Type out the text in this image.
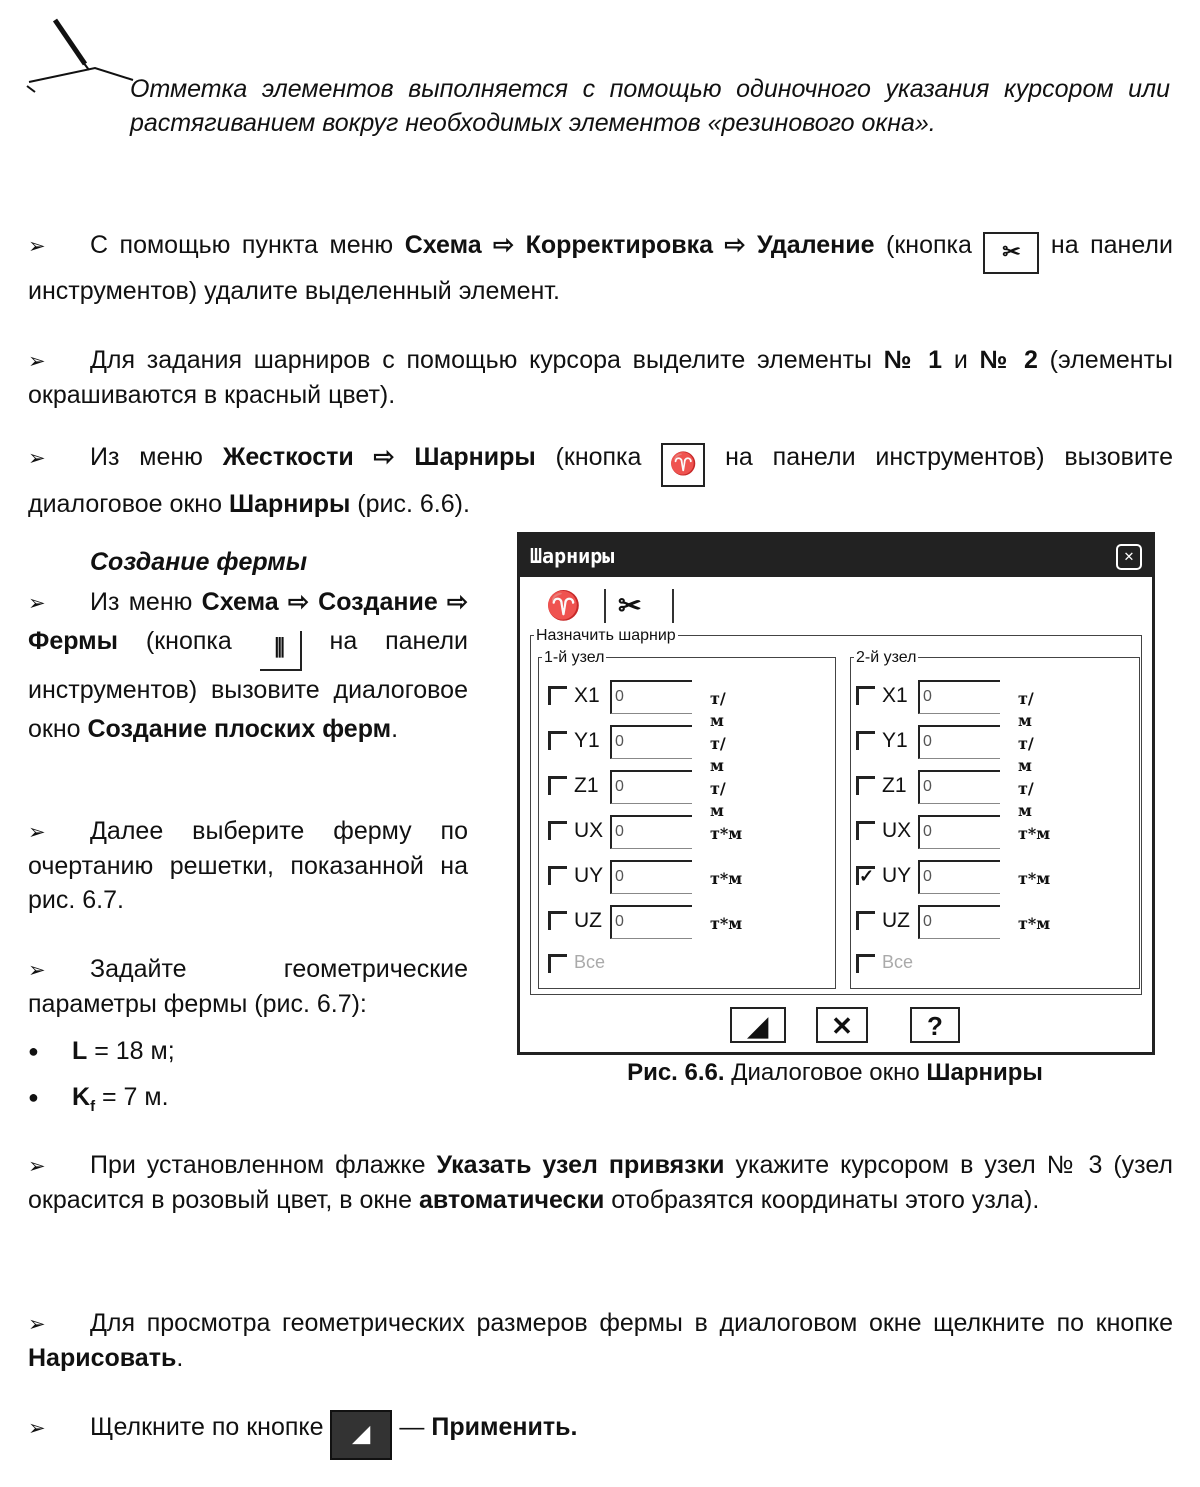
Отметка элементов выполняется с помощью одиночного указания курсором или растягиванием вокруг необходимых элементов «резинового окна».
➢ С помощью пункта меню Схема ⇨ Корректировка ⇨ Удаление (кнопка ✂ на панели инструментов) удалите выделенный элемент.
➢ Для задания шарниров с помощью курсора выделите элементы № 1 и № 2 (элементы окрашиваются в красный цвет).
➢ Из меню Жесткости ⇨ Шарниры (кнопка ♈ на панели инструментов) вызовите диалоговое окно Шарниры (рис. 6.6).
Создание фермы
➢ Из меню Схема ⇨ Создание ⇨ Фермы (кнопка ⫼ на панели инструментов) вызовите диалоговое окно Создание плоских ферм.
➢ Далее выберите ферму по очертанию решетки, показанной на рис. 6.7.
➢ Задайте геометрические параметры фермы (рис. 6.7):
● L = 18 м;
● $K_f = 7$ м.
Шарниры	✕
♈ ✂
Назначить шарнир
1-й узел
X1 0	т/м
Y1 0	т/м
Z1	0	т/м
UX 0	т*м
UY 0	т*м
UZ 0	т*м
Все
2-й узел
X1 0	т/м
Y1 0	т/м
Z1	0	т/м
UX 0	т*м
✓ UY 0	т*м
UZ 0	т*м
Все
◢	✕	?
Рис. 6.6. Диалоговое окно Шарниры
➢ При установленном флажке Указать узел привязки укажите курсором в узел № 3 (узел окрасится в розовый цвет, в окне автоматически отобразятся координаты этого узла).
➢ Для просмотра геометрических размеров фермы в диалоговом окне щелкните по кнопке Нарисовать.
➢ Щелкните по кнопке ◢ — Применить.
